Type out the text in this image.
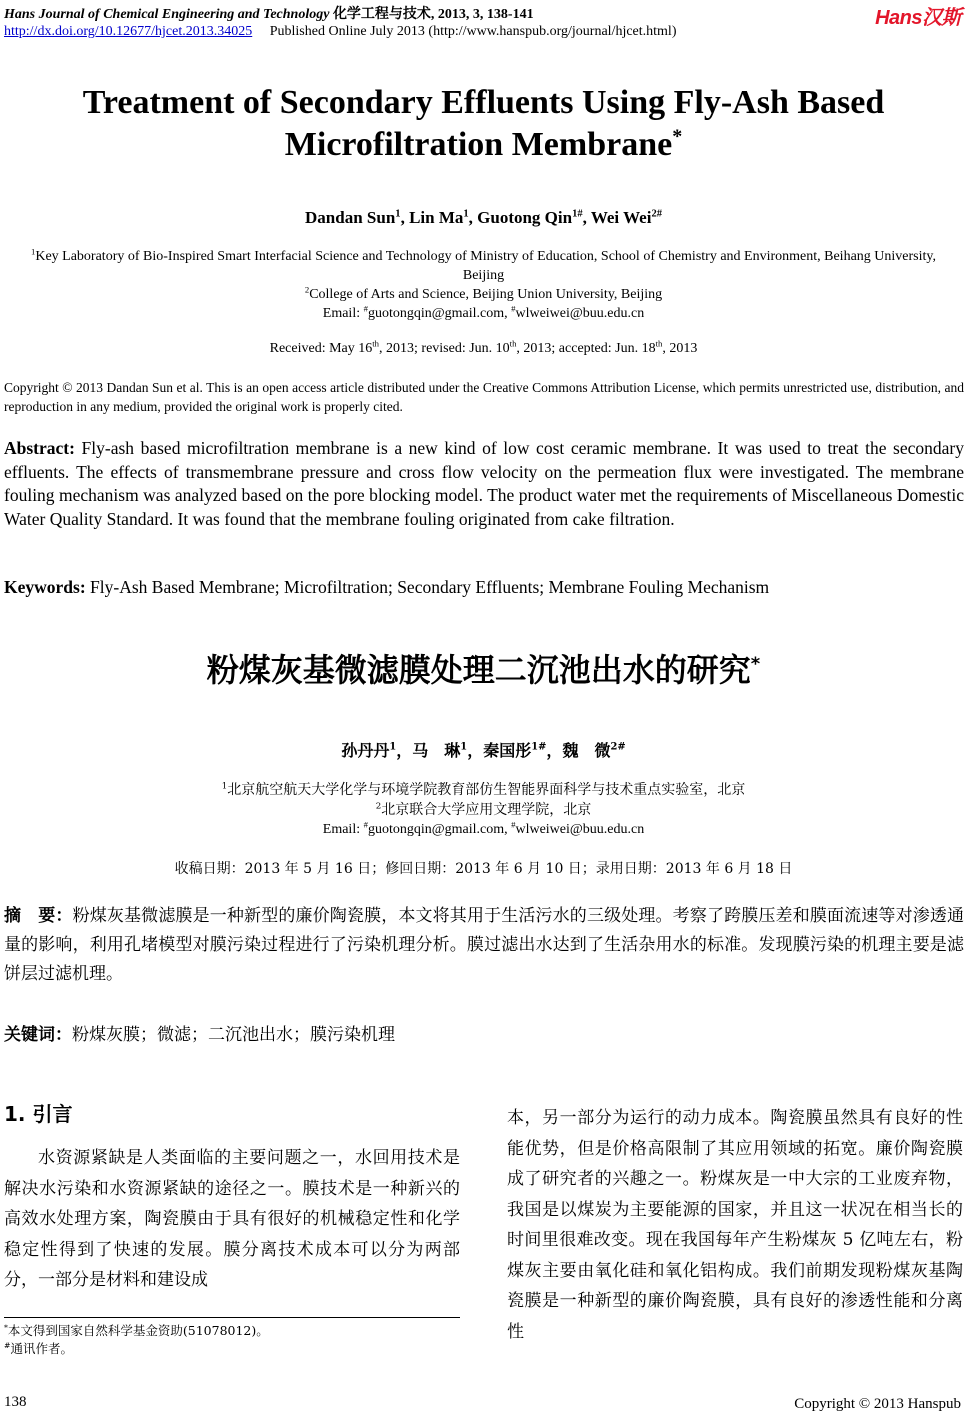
Hans Journal of Chemical Engineering and Technology 化学工程与技术, 2013, 3, 138-141
http://dx.doi.org/10.12677/hjcet.2013.34025 Published Online July 2013 (http://www.hanspub.org/journal/hjcet.html)
Hans汉斯
Treatment of Secondary Effluents Using Fly-Ash Based
Microfiltration Membrane*
Dandan Sun$^1$, Lin Ma$^1$, Guotong Qin$^{1\#}$, Wei Wei$^{2\#}$
$^1$Key Laboratory of Bio-Inspired Smart Interfacial Science and Technology of Ministry of Education, School of Chemistry and Environment, Beihang University, Beijing
$^2$College of Arts and Science, Beijing Union University, Beijing
Email: #guotongqin@gmail.com, #wlweiwei@buu.edu.cn
Received: May 16th, 2013; revised: Jun. 10th, 2013; accepted: Jun. 18th, 2013
Copyright © 2013 Dandan Sun et al. This is an open access article distributed under the Creative Commons Attribution License, which permits unrestricted use, distribution, and reproduction in any medium, provided the original work is properly cited.
Abstract: Fly-ash based microfiltration membrane is a new kind of low cost ceramic membrane. It was used to treat the secondary effluents. The effects of transmembrane pressure and cross flow velocity on the permeation flux were investigated. The membrane fouling mechanism was analyzed based on the pore blocking model. The product water met the requirements of Miscellaneous Domestic Water Quality Standard. It was found that the membrane fouling originated from cake filtration.
Keywords: Fly-Ash Based Membrane; Microfiltration; Secondary Effluents; Membrane Fouling Mechanism
粉煤灰基微滤膜处理二沉池出水的研究*
孙丹丹$^1$，马　琳$^1$，秦国彤$^{1\#}$，魏　微$^{2\#}$
$^1$北京航空航天大学化学与环境学院教育部仿生智能界面科学与技术重点实验室，北京
$^2$北京联合大学应用文理学院，北京
Email: #guotongqin@gmail.com, #wlweiwei@buu.edu.cn
收稿日期：2013 年 5 月 16 日；修回日期：2013 年 6 月 10 日；录用日期：2013 年 6 月 18 日
摘　要：粉煤灰基微滤膜是一种新型的廉价陶瓷膜，本文将其用于生活污水的三级处理。考察了跨膜压差和膜面流速等对渗透通量的影响，利用孔堵模型对膜污染过程进行了污染机理分析。膜过滤出水达到了生活杂用水的标准。发现膜污染的机理主要是滤饼层过滤机理。
关键词：粉煤灰膜；微滤；二沉池出水；膜污染机理
1. 引言

水资源紧缺是人类面临的主要问题之一，水回用技术是解决水污染和水资源紧缺的途径之一。膜技术是一种新兴的高效水处理方案，陶瓷膜由于具有很好的机械稳定性和化学稳定性得到了快速的发展。膜分离技术成本可以分为两部分，一部分是材料和建设成

本，另一部分为运行的动力成本。陶瓷膜虽然具有良好的性能优势，但是价格高限制了其应用领域的拓宽。廉价陶瓷膜成了研究者的兴趣之一。粉煤灰是一中大宗的工业废弃物，我国是以煤炭为主要能源的国家，并且这一状况在相当长的时间里很难改变。现在我国每年产生粉煤灰 5 亿吨左右，粉煤灰主要由氧化硅和氧化铝构成。我们前期发现粉煤灰基陶瓷膜是一种新型的廉价陶瓷膜，具有良好的渗透性能和分离性

*本文得到国家自然科学基金资助(51078012)。
#通讯作者。
138	Copyright © 2013 Hanspub
